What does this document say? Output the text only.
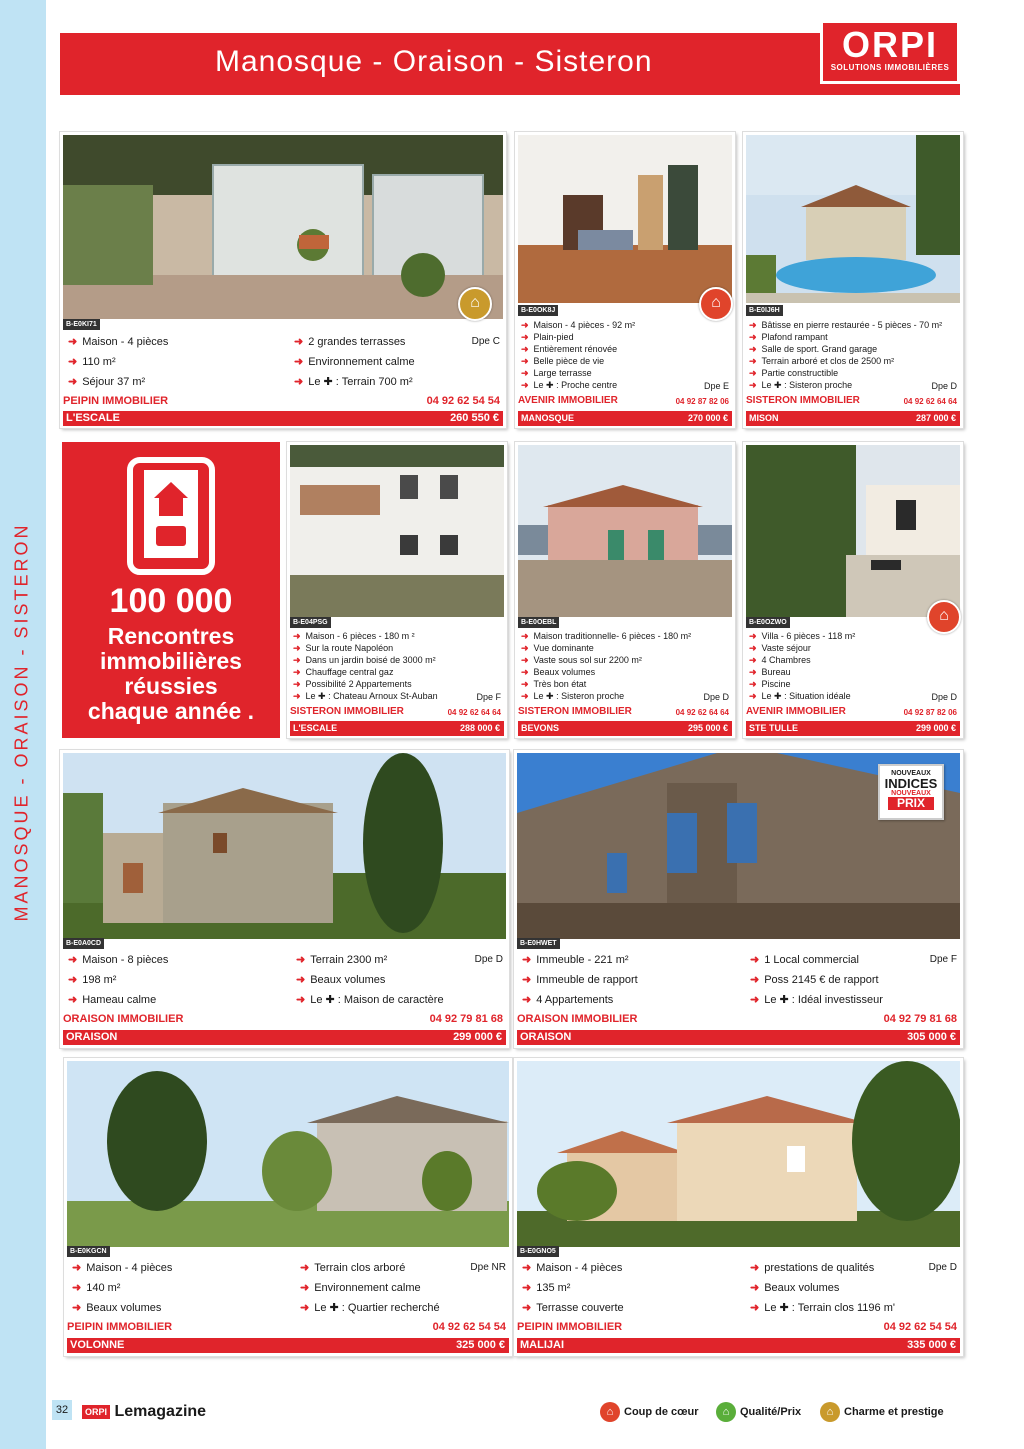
MANOSQUE - ORAISON - SISTERON
Manosque - Oraison - Sisteron	ORPI
SOLUTIONS IMMOBILIÈRES
⌂
B-E0KI71
➜ Maison - 4 pièces
➜ 110 m²
➜ Séjour 37 m²
➜ 2 grandes terrasses
➜ Environnement calme
➜ Le ✚ : Terrain 700 m²
Dpe C
PEIPIN IMMOBILIER	04 92 62 54 54
L'ESCALE	260 550 €
⌂
B-E0OK8J
➜ Maison - 4 pièces - 92 m²
➜ Plain-pied
➜ Entièrement rénovée
➜ Belle pièce de vie
➜ Large terrasse
➜ Le ✚ : Proche centre	Dpe E
AVENIR IMMOBILIER	04 92 87 82 06
MANOSQUE	270 000 €
B-E0IJ6H
➜ Bâtisse en pierre restaurée - 5 pièces - 70 m²
➜ Plafond rampant
➜ Salle de sport. Grand garage
➜ Terrain arboré et clos de 2500 m²
➜ Partie constructible
➜ Le ✚ : Sisteron proche	Dpe D
SISTERON IMMOBILIER	04 92 62 64 64
MISON	287 000 €
100 000
Rencontres immobilières réussies chaque année .
B-E04PSG
➜ Maison - 6 pièces - 180 m ²
➜ Sur la route Napoléon
➜ Dans un jardin boisé de 3000 m²
➜ Chauffage central gaz
➜ Possibilité 2 Appartements
➜ Le ✚ : Chateau Arnoux St-Auban	Dpe F
SISTERON IMMOBILIER	04 92 62 64 64
L'ESCALE	288 000 €
B-E0OEBL
➜ Maison traditionnelle- 6 pièces - 180 m²
➜ Vue dominante
➜ Vaste sous sol sur 2200 m²
➜ Beaux volumes
➜ Très bon état
➜ Le ✚ : Sisteron proche	Dpe D
SISTERON IMMOBILIER	04 92 62 64 64
BEVONS	295 000 €
⌂
B-E0OZWO
➜ Villa - 6 pièces - 118 m²
➜ Vaste séjour
➜ 4 Chambres
➜ Bureau
➜ Piscine
➜ Le ✚ : Situation idéale	Dpe D
AVENIR IMMOBILIER	04 92 87 82 06
STE TULLE	299 000 €
B-E0A0CD
➜ Maison - 8 pièces
➜ 198 m²
➜ Hameau calme
➜ Terrain 2300 m²
➜ Beaux volumes
➜ Le ✚ : Maison de caractère
Dpe D
ORAISON IMMOBILIER	04 92 79 81 68
ORAISON	299 000 €
NOUVEAUX
INDICES
NOUVEAUX
PRIX
B-E0HWET
➜ Immeuble - 221 m²
➜ Immeuble de rapport
➜ 4 Appartements
➜ 1 Local commercial
➜ Poss 2145 € de rapport
➜ Le ✚ : Idéal investisseur
Dpe F
ORAISON IMMOBILIER	04 92 79 81 68
ORAISON	305 000 €
B-E0KGCN
➜ Maison - 4 pièces
➜ 140 m²
➜ Beaux volumes
➜ Terrain clos arboré
➜ Environnement calme
➜ Le ✚ : Quartier recherché
Dpe NR
PEIPIN IMMOBILIER	04 92 62 54 54
VOLONNE	325 000 €
B-E0GNO5
➜ Maison - 4 pièces
➜ 135 m²
➜ Terrasse couverte
➜ prestations de qualités
➜ Beaux volumes
➜ Le ✚ : Terrain clos 1196 m'
Dpe D
PEIPIN IMMOBILIER	04 92 62 54 54
MALIJAI	335 000 €
32	ORPI Lemagazine	⌂ Coup de cœur	⌂ Qualité/Prix	⌂ Charme et prestige
